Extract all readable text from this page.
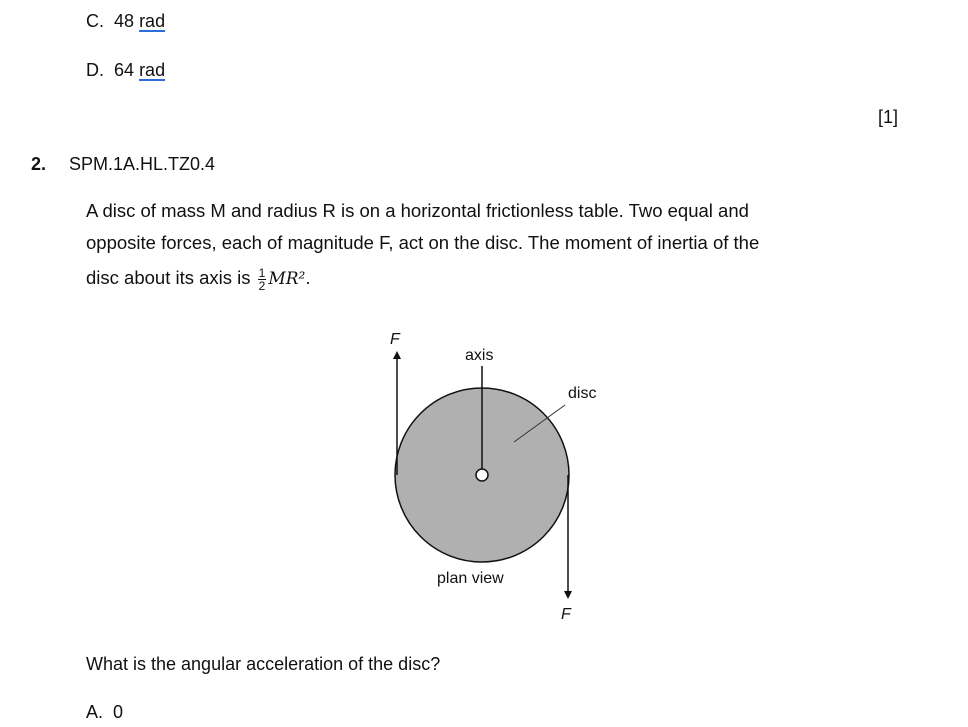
C. 48 rad
D. 64 rad
[1]
2. SPM.1A.HL.TZ0.4
A disc of mass M and radius R is on a horizontal frictionless table. Two equal and
opposite forces, each of magnitude F, act on the disc. The moment of inertia of the
disc about its axis is $\frac{1}{2} MR^2$.
F
axis
disc
plan view
F
What is the angular acceleration of the disc?
A. 0
